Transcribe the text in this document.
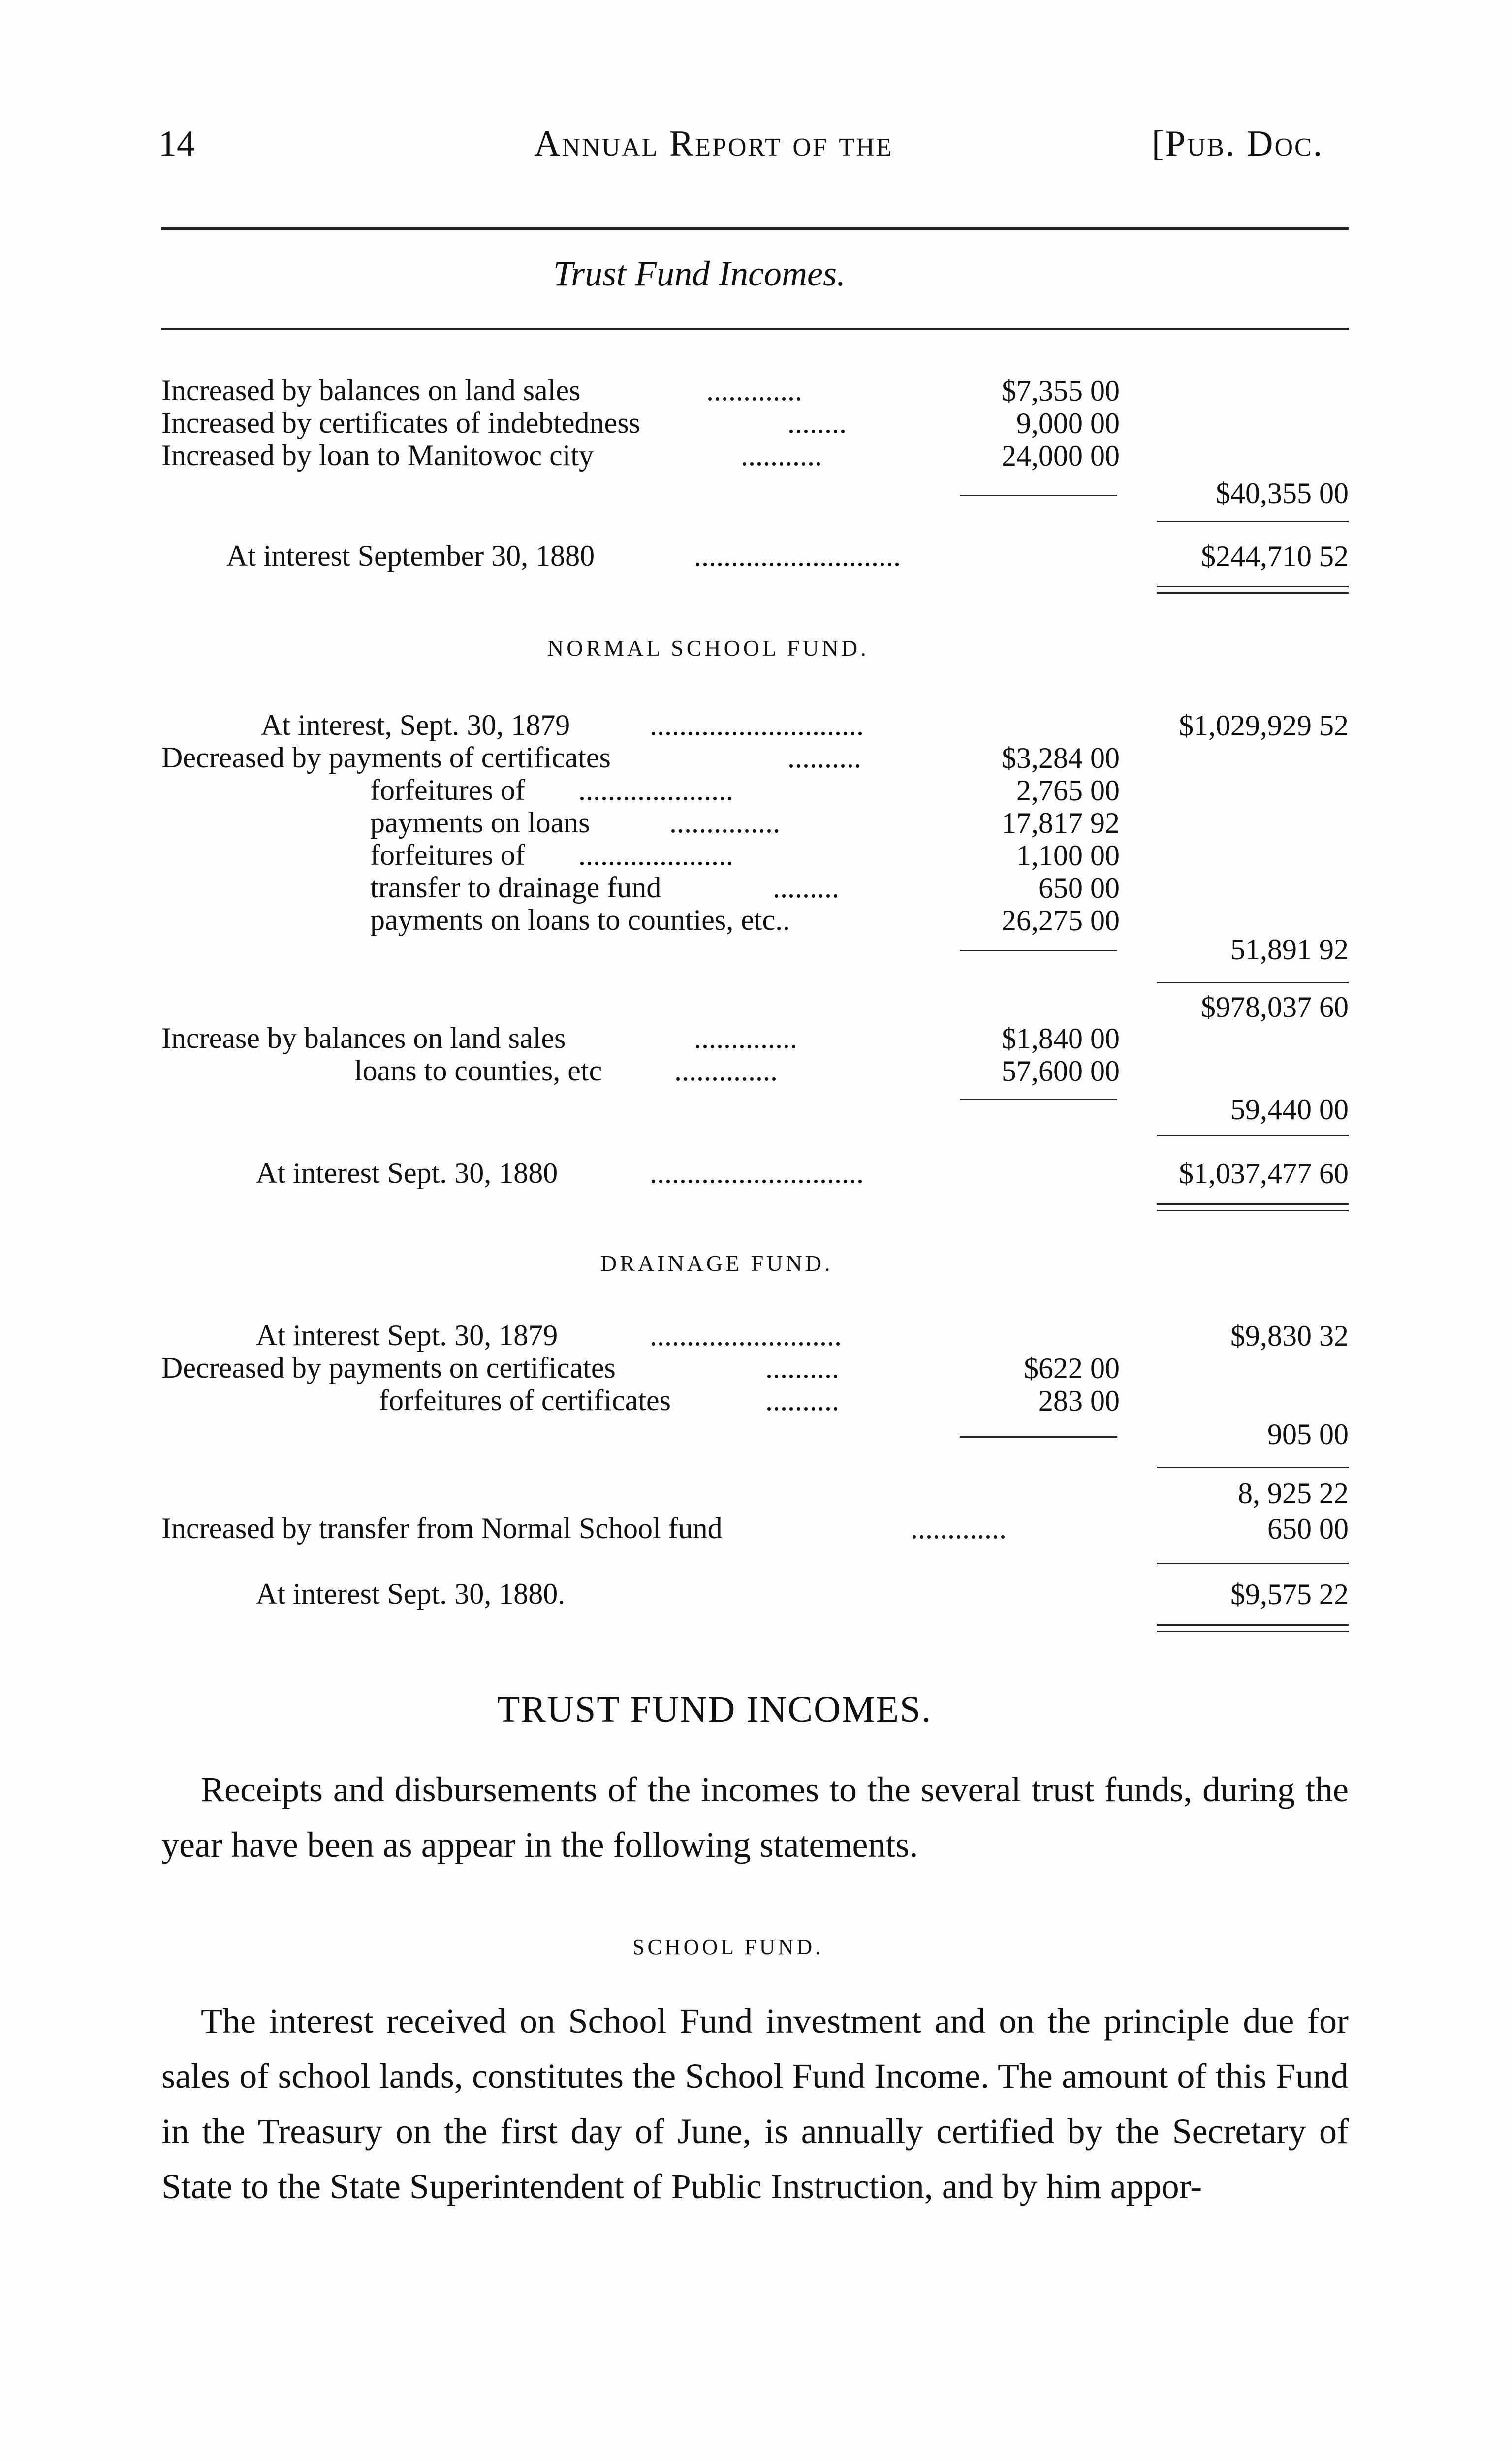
14	Annual Report of the	[Pub. Doc.
Trust Fund Incomes.
Increased by balances on land sales	.............	$7,355 00
Increased by certificates of indebtedness	........	9,000 00
Increased by loan to Manitowoc city	...........	24,000 00
$40,355 00
At interest September 30, 1880	............................	$244,710 52
NORMAL SCHOOL FUND.
At interest, Sept. 30, 1879	.............................	$1,029,929 52
Decreased by payments of certificates	..........	$3,284 00
forfeitures of .....................	2,765 00
payments on loans	...............	17,817 92
forfeitures of .....................	1,100 00
transfer to drainage fund	.........	650 00
payments on loans to counties, etc..	26,275 00
51,891 92
$978,037 60
Increase by balances on land sales	..............	$1,840 00
loans to counties, etc ..............	57,600 00
59,440 00
At interest Sept. 30, 1880	.............................	$1,037,477 60
DRAINAGE FUND.
At interest Sept. 30, 1879	..........................	$9,830 32
Decreased by payments on certificates	..........	$622 00
forfeitures of certificates	..........	283 00
905 00
8, 925 22
Increased by transfer from Normal School fund	.............	650 00
At interest Sept. 30, 1880.	$9,575 22
TRUST FUND INCOMES.
Receipts and disbursements of the incomes to the several trust funds, during the year have been as appear in the following statements.
SCHOOL FUND.
The interest received on School Fund investment and on the principle due for sales of school lands, constitutes the School Fund Income. The amount of this Fund in the Treasury on the first day of June, is annually certified by the Secretary of State to the State Superintendent of Public Instruction, and by him appor-
